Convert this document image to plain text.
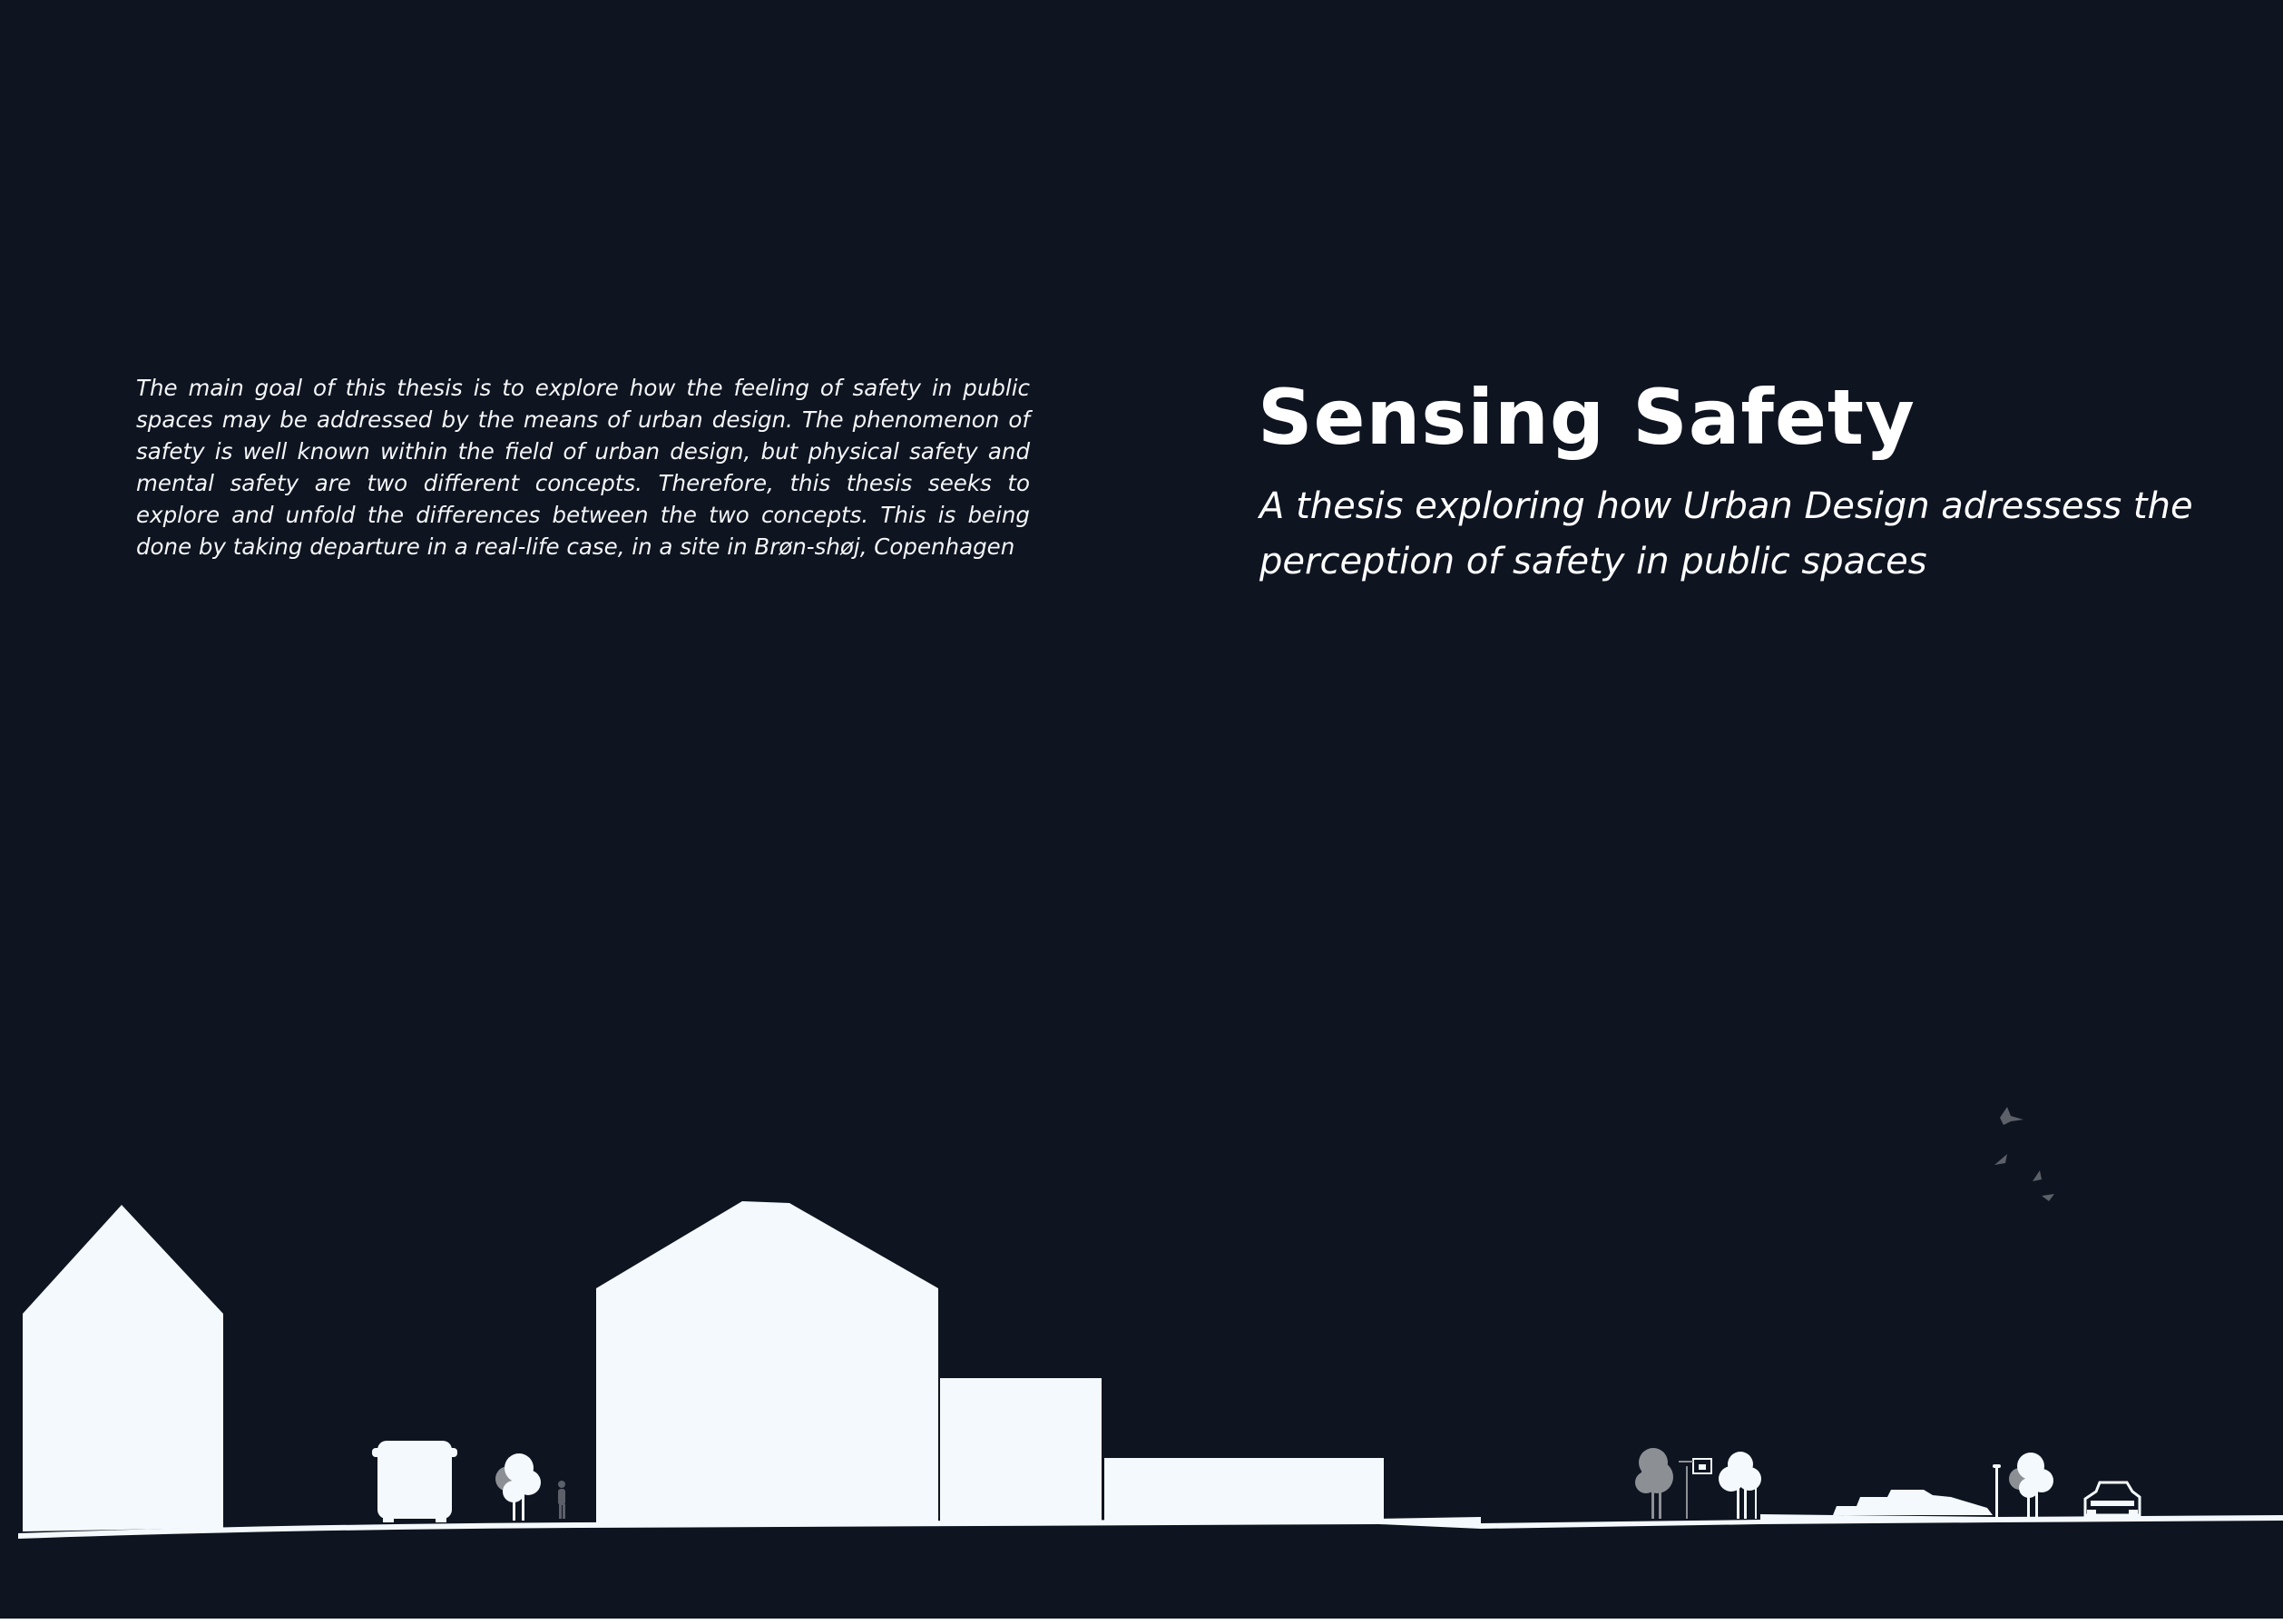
The main goal of this thesis is to explore how the feeling of safety in public spaces may be addressed by the means of urban design. The phenomenon of safety is well known within the field of urban design, but physical safety and mental safety are two different concepts. Therefore, this thesis seeks to explore and unfold the differences between the two concepts. This is being done by taking departure in a real-life case, in a site in Brøn-shøj, Copenhagen

Sensing Safety

A thesis exploring how Urban Design adressess the perception of safety in public spaces
